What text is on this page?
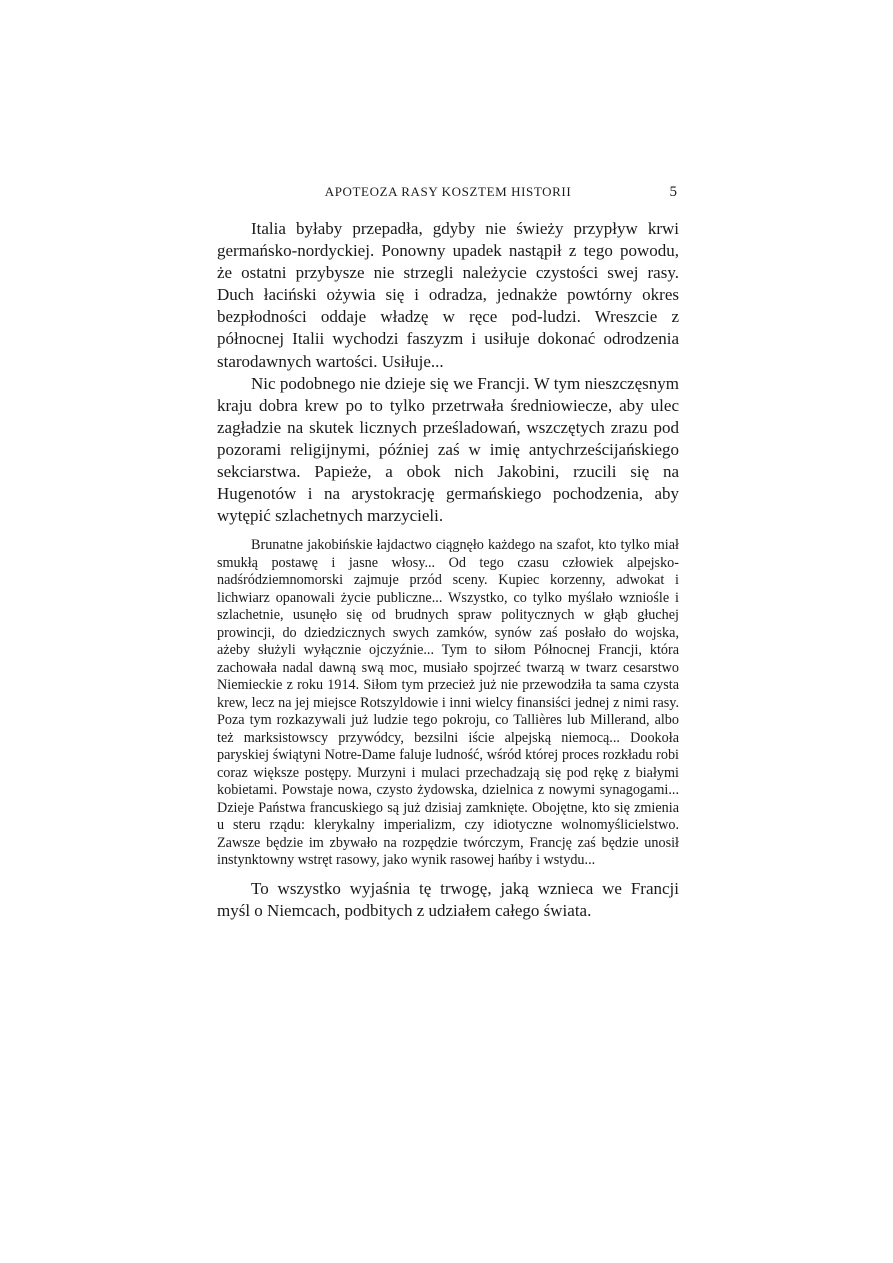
APOTEOZA RASY KOSZTEM HISTORII	5

Italia byłaby przepadła, gdyby nie świeży przypływ krwi germańsko-nordyckiej. Ponowny upadek nastąpił z tego powodu, że ostatni przybysze nie strzegli należycie czystości swej rasy. Duch łaciński ożywia się i odradza, jednakże powtórny okres bezpłodności oddaje władzę w ręce pod-ludzi. Wreszcie z północnej Italii wychodzi faszyzm i usiłuje dokonać odrodzenia starodawnych wartości. Usiłuje...

Nic podobnego nie dzieje się we Francji. W tym nieszczęsnym kraju dobra krew po to tylko przetrwała średniowiecze, aby ulec zagładzie na skutek licznych prześladowań, wszczętych zrazu pod pozorami religijnymi, później zaś w imię antychrześcijańskiego sekciarstwa. Papieże, a obok nich Jakobini, rzucili się na Hugenotów i na arystokrację germańskiego pochodzenia, aby wytępić szlachetnych marzycieli.

Brunatne jakobińskie łajdactwo ciągnęło każdego na szafot, kto tylko miał smukłą postawę i jasne włosy... Od tego czasu człowiek alpejsko-nadśródziemnomorski zajmuje przód sceny. Kupiec korzenny, adwokat i lichwiarz opanowali życie publiczne... Wszystko, co tylko myślało wzniośle i szlachetnie, usunęło się od brudnych spraw politycznych w głąb głuchej prowincji, do dziedzicznych swych zamków, synów zaś posłało do wojska, ażeby służyli wyłącznie ojczyźnie... Tym to siłom Północnej Francji, która zachowała nadal dawną swą moc, musiało spojrzeć twarzą w twarz cesarstwo Niemieckie z roku 1914. Siłom tym przecież już nie przewodziła ta sama czysta krew, lecz na jej miejsce Rotszyldowie i inni wielcy finansiści jednej z nimi rasy. Poza tym rozkazywali już ludzie tego pokroju, co Tallières lub Millerand, albo też marksistowscy przywódcy, bezsilni iście alpejską niemocą... Dookoła paryskiej świątyni Notre-Dame faluje ludność, wśród której proces rozkładu robi coraz większe postępy. Murzyni i mulaci przechadzają się pod rękę z białymi kobietami. Powstaje nowa, czysto żydowska, dzielnica z nowymi synagogami... Dzieje Państwa francuskiego są już dzisiaj zamknięte. Obojętne, kto się zmienia u steru rządu: klerykalny imperializm, czy idiotyczne wolnomyślicielstwo. Zawsze będzie im zbywało na rozpędzie twórczym, Francję zaś będzie unosił instynktowny wstręt rasowy, jako wynik rasowej hańby i wstydu...

To wszystko wyjaśnia tę trwogę, jaką wznieca we Francji myśl o Niemcach, podbitych z udziałem całego świata.
